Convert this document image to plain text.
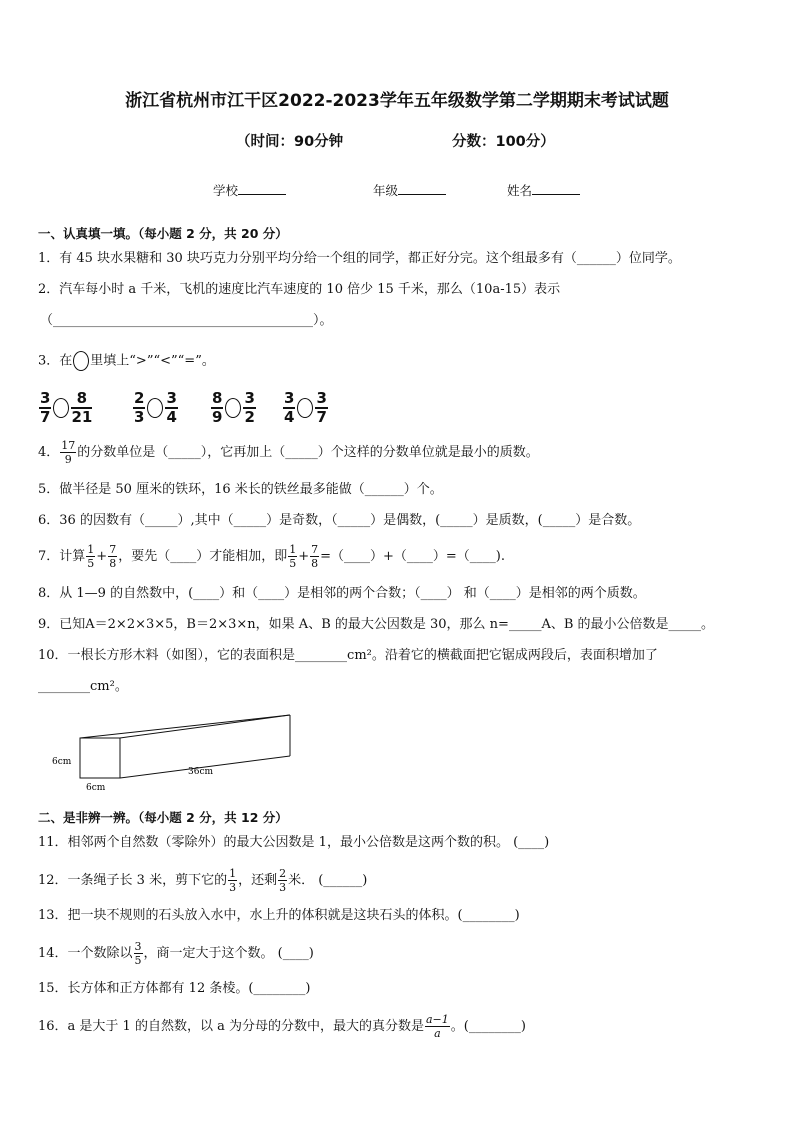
浙江省杭州市江干区2022-2023学年五年级数学第二学期期末考试试题
（时间：90分钟	分数：100分）
学校	年级	姓名
一、认真填一填。（每小题 2 分，共 20 分）
1．有 45 块水果糖和 30 块巧克力分别平均分给一个组的同学，都正好分完。这个组最多有（______）位同学。
2．汽车每小时 a 千米，飞机的速度比汽车速度的 10 倍少 15 千米，那么（10a-15）表示
（________________________________________）。
3．在 里填上“>”“<”“=”。
$\frac{3}{7} \frac{8}{21}$	$\frac{2}{3} \frac{3}{4} \frac{8}{9} \frac{3}{2} \frac{3}{4} \frac{3}{7}$
4． $\frac{17}{9}$ 的分数单位是（_____），它再加上（_____）个这样的分数单位就是最小的质数。
5．做半径是 50 厘米的铁环，16 米长的铁丝最多能做（______）个。
6．36 的因数有（_____）,其中（_____）是奇数，（_____）是偶数，(_____）是质数，(_____）是合数。
7．计算 $\frac{1}{5} + \frac{7}{8}$ ，要先（____）才能相加，即 $\frac{1}{5} + \frac{7}{8}$ =（____）+（____）=（____).
8．从 1—9 的自然数中，(____）和（____）是相邻的两个合数；（____） 和（____）是相邻的两个质数。
9．已知A＝2×2×3×5，B＝2×3×n，如果 A、B 的最大公因数是 30，那么 n=_____A、B 的最小公倍数是_____。
10．一根长方形木料（如图），它的表面积是________cm²。沿着它的横截面把它锯成两段后，表面积增加了
________cm²。
6cm
6cm
36cm
二、是非辨一辨。（每小题 2 分，共 12 分）
11．相邻两个自然数（零除外）的最大公因数是 1，最小公倍数是这两个数的积。 (____)
12．一条绳子长 3 米，剪下它的 $\frac{1}{3}$ ，还剩 $\frac{2}{3}$ 米． (______)
13．把一块不规则的石头放入水中，水上升的体积就是这块石头的体积。(________)
14．一个数除以 $\frac{3}{5}$ ，商一定大于这个数。 (____)
15．长方体和正方体都有 12 条棱。(________)
16．a 是大于 1 的自然数，以 a 为分母的分数中，最大的真分数是 $\frac{a-1}{a}$ 。(________)
